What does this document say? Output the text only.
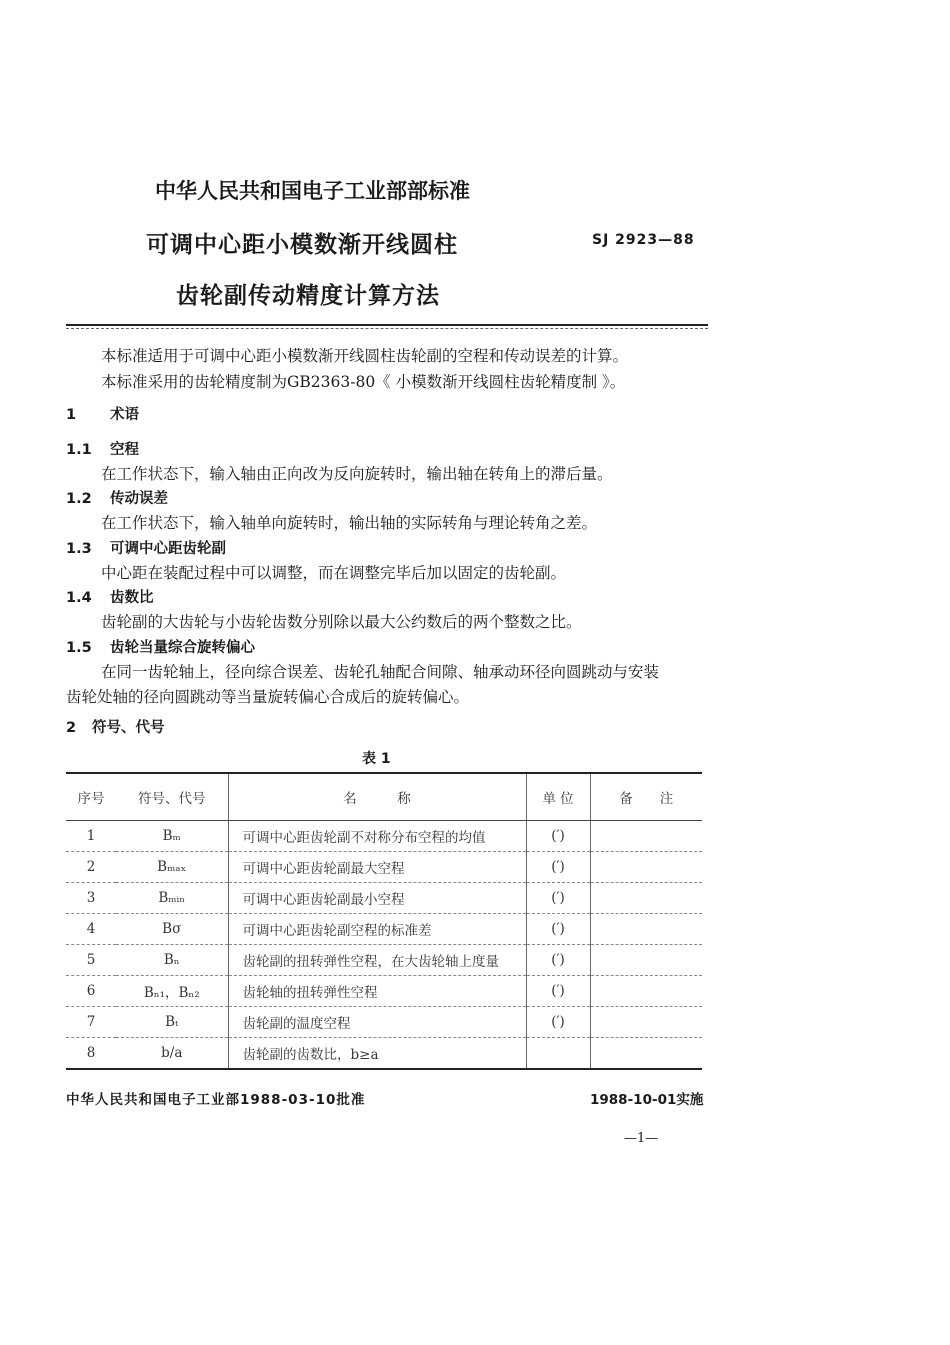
中华人民共和国电子工业部部标准
可调中心距小模数渐开线圆柱
齿轮副传动精度计算方法
SJ 2923—88
本标准适用于可调中心距小模数渐开线圆柱齿轮副的空程和传动误差的计算。
本标准采用的齿轮精度制为GB2363-80《 小模数渐开线圆柱齿轮精度制 》。
1 术语
1.1 空程
在工作状态下，输入轴由正向改为反向旋转时，输出轴在转角上的滞后量。
1.2 传动误差
在工作状态下，输入轴单向旋转时，输出轴的实际转角与理论转角之差。
1.3 可调中心距齿轮副
中心距在装配过程中可以调整，而在调整完毕后加以固定的齿轮副。
1.4 齿数比
齿轮副的大齿轮与小齿轮齿数分别除以最大公约数后的两个整数之比。
1.5 齿轮当量综合旋转偏心
在同一齿轮轴上，径向综合误差、齿轮孔轴配合间隙、轴承动环径向圆跳动与安装
齿轮处轴的径向圆跳动等当量旋转偏心合成后的旋转偏心。
2 符号、代号
表 1
序号	符号、代号	名　　　称	单 位	备　　注
1	Bₘ	可调中心距齿轮副不对称分布空程的均值	(′)	
2	Bₘₐₓ	可调中心距齿轮副最大空程	(′)	
3	Bₘᵢₙ	可调中心距齿轮副最小空程	(′)	
4	Bσ	可调中心距齿轮副空程的标准差	(′)	
5	Bₙ	齿轮副的扭转弹性空程，在大齿轮轴上度量	(′)	
6	Bₙ₁，Bₙ₂	齿轮轴的扭转弹性空程	(′)	
7	Bₜ	齿轮副的温度空程	(′)	
8	b/a	齿轮副的齿数比，b≥a		
中华人民共和国电子工业部1988-03-10批准	1988-10-01实施
—1—
